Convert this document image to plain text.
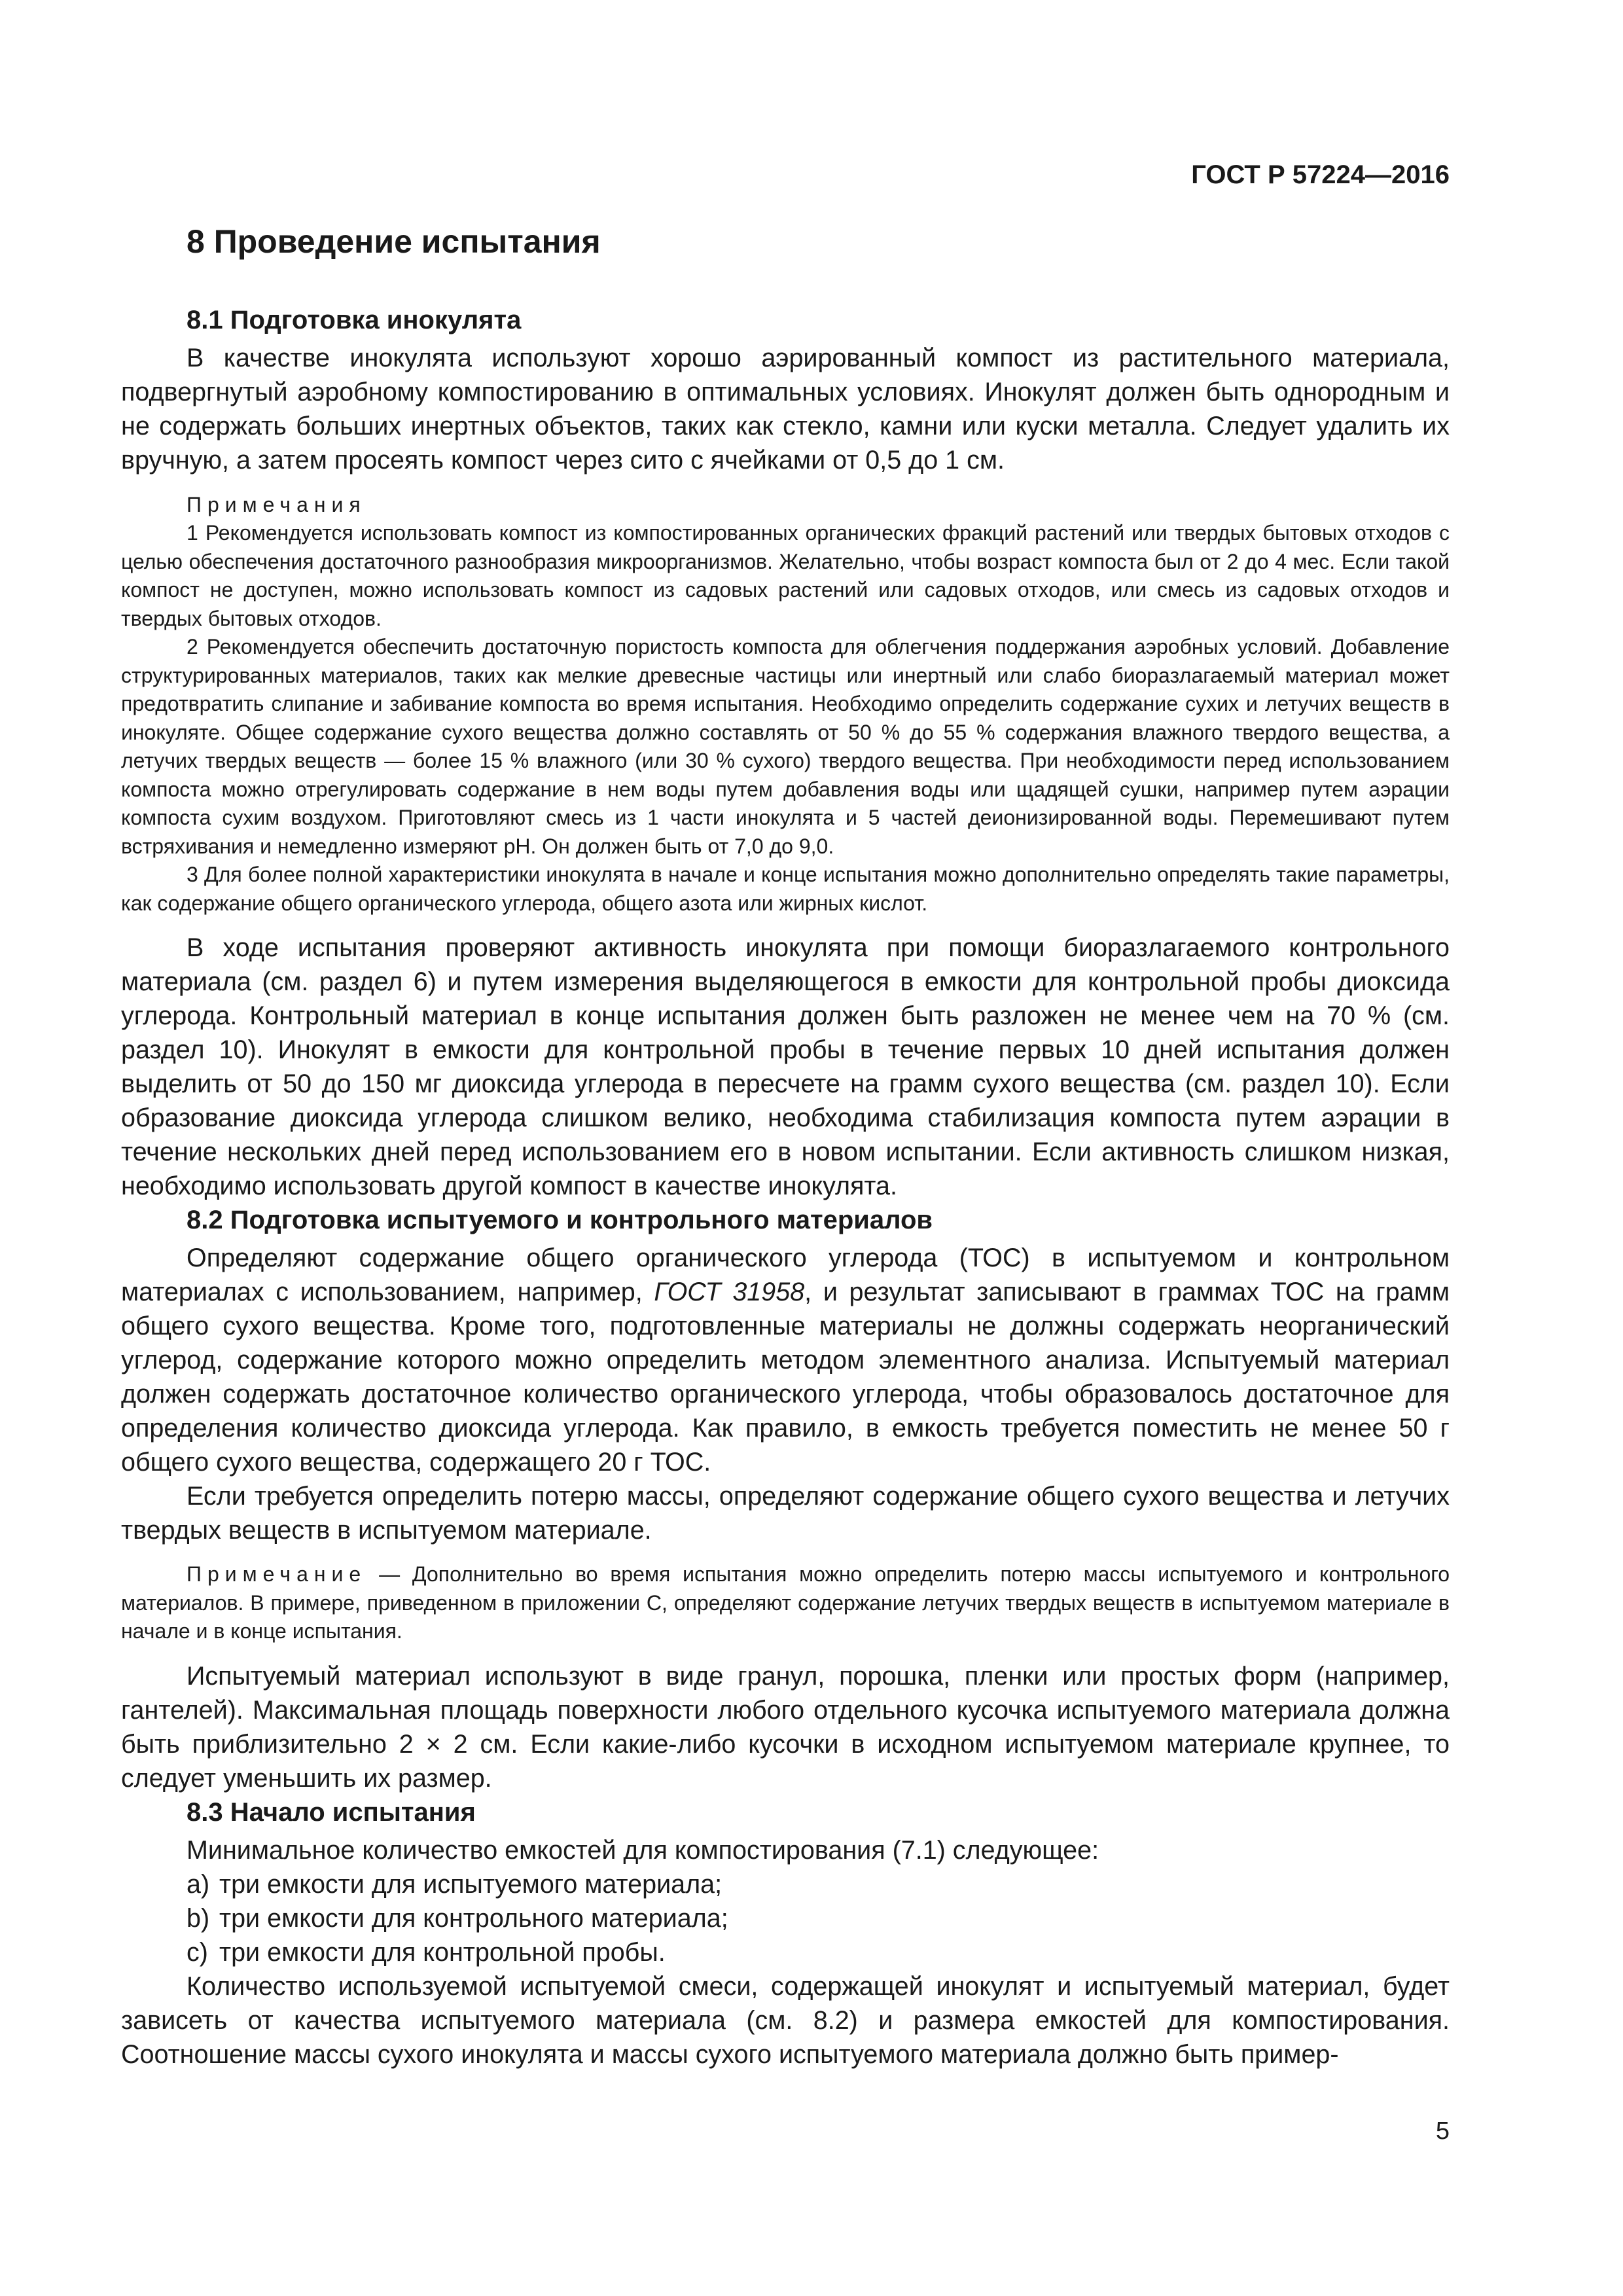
ГОСТ Р 57224—2016
8 Проведение испытания
8.1 Подготовка инокулята

В качестве инокулята используют хорошо аэрированный компост из растительного материала, подвергнутый аэробному компостированию в оптимальных условиях. Инокулят должен быть однородным и не содержать больших инертных объектов, таких как стекло, камни или куски металла. Следует удалить их вручную, а затем просеять компост через сито с ячейками от 0,5 до 1 см.

Примечания

1 Рекомендуется использовать компост из компостированных органических фракций растений или твердых бытовых отходов с целью обеспечения достаточного разнообразия микроорганизмов. Желательно, чтобы возраст компоста был от 2 до 4 мес. Если такой компост не доступен, можно использовать компост из садовых растений или садовых отходов, или смесь из садовых отходов и твердых бытовых отходов.

2 Рекомендуется обеспечить достаточную пористость компоста для облегчения поддержания аэробных условий. Добавление структурированных материалов, таких как мелкие древесные частицы или инертный или слабо биоразлагаемый материал может предотвратить слипание и забивание компоста во время испытания. Необходимо определить содержание сухих и летучих веществ в инокуляте. Общее содержание сухого вещества должно составлять от 50 % до 55 % содержания влажного твердого вещества, а летучих твердых веществ — более 15 % влажного (или 30 % сухого) твердого вещества. При необходимости перед использованием компоста можно отрегулировать содержание в нем воды путем добавления воды или щадящей сушки, например путем аэрации компоста сухим воздухом. Приготовляют смесь из 1 части инокулята и 5 частей деионизированной воды. Перемешивают путем встряхивания и немедленно измеряют рН. Он должен быть от 7,0 до 9,0.

3 Для более полной характеристики инокулята в начале и конце испытания можно дополнительно определять такие параметры, как содержание общего органического углерода, общего азота или жирных кислот.

В ходе испытания проверяют активность инокулята при помощи биоразлагаемого контрольного материала (см. раздел 6) и путем измерения выделяющегося в емкости для контрольной пробы диоксида углерода. Контрольный материал в конце испытания должен быть разложен не менее чем на 70 % (см. раздел 10). Инокулят в емкости для контрольной пробы в течение первых 10 дней испытания должен выделить от 50 до 150 мг диоксида углерода в пересчете на грамм сухого вещества (см. раздел 10). Если образование диоксида углерода слишком велико, необходима стабилизация компоста путем аэрации в течение нескольких дней перед использованием его в новом испытании. Если активность слишком низкая, необходимо использовать другой компост в качестве инокулята.

8.2 Подготовка испытуемого и контрольного материалов

Определяют содержание общего органического углерода (ТОС) в испытуемом и контрольном материалах с использованием, например, ГОСТ 31958, и результат записывают в граммах ТОС на грамм общего сухого вещества. Кроме того, подготовленные материалы не должны содержать неорганический углерод, содержание которого можно определить методом элементного анализа. Испытуемый материал должен содержать достаточное количество органического углерода, чтобы образовалось достаточное для определения количество диоксида углерода. Как правило, в емкость требуется поместить не менее 50 г общего сухого вещества, содержащего 20 г ТОС.

Если требуется определить потерю массы, определяют содержание общего сухого вещества и летучих твердых веществ в испытуемом материале.

Примечание — Дополнительно во время испытания можно определить потерю массы испытуемого и контрольного материалов. В примере, приведенном в приложении С, определяют содержание летучих твердых веществ в испытуемом материале в начале и в конце испытания.

Испытуемый материал используют в виде гранул, порошка, пленки или простых форм (например, гантелей). Максимальная площадь поверхности любого отдельного кусочка испытуемого материала должна быть приблизительно 2 × 2 см. Если какие-либо кусочки в исходном испытуемом материале крупнее, то следует уменьшить их размер.

8.3 Начало испытания

Минимальное количество емкостей для компостирования (7.1) следующее:

a) три емкости для испытуемого материала;
b) три емкости для контрольного материала;
c) три емкости для контрольной пробы.

Количество используемой испытуемой смеси, содержащей инокулят и испытуемый материал, будет зависеть от качества испытуемого материала (см. 8.2) и размера емкостей для компостирования. Соотношение массы сухого инокулята и массы сухого испытуемого материала должно быть пример-

5
